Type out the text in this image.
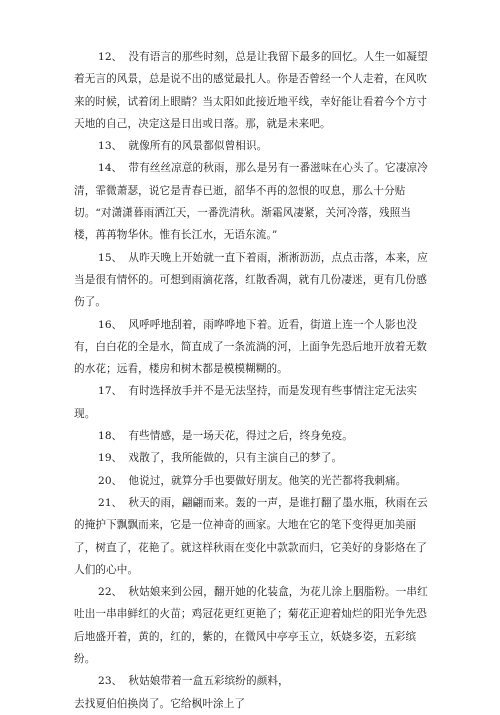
12、 没有语言的那些时刻，总是让我留下最多的回忆。人生一如凝望着无言的风景，总是说不出的感觉最扎人。你是否曾经一个人走着，在风吹来的时候，试着闭上眼睛？当太阳如此接近地平线，幸好能让看着今个方寸天地的自己，决定这是日出或日落。那，就是未来吧。

13、 就像所有的风景都似曾相识。

14、 带有丝丝凉意的秋雨，那么是另有一番滋味在心头了。它凄凉冷清，霏微萧瑟，说它是青春已逝，韶华不再的忽恨的叹息，那么十分贴切。“对潇潇暮雨洒江天，一番洗清秋。渐霜风凄紧，关河冷落，残照当楼，苒苒物华休。惟有长江水，无语东流。”

15、 从昨天晚上开始就一直下着雨，淅淅沥沥，点点击落，本来，应当是很有情怀的。可想到雨滴花落，红散香凋，就有几份凄迷，更有几份感伤了。

16、 风呼呼地刮着，雨哗哗地下着。近看，街道上连一个人影也没有，白白花的全是水，简直成了一条流淌的河，上面争先恐后地开放着无数的水花；远看，楼房和树木都是模模糊糊的。

17、 有时选择放手并不是无法坚持，而是发现有些事情注定无法实现。

18、 有些情感，是一场天花，得过之后，终身免疫。

19、 戏散了，我所能做的，只有主演自己的梦了。

20、 他说过，就算分手也要做好朋友。他笑的光芒都将我刺痛。

21、 秋天的雨，翩翩而来。轰的一声，是谁打翻了墨水瓶，秋雨在云的掩护下飘飘而来，它是一位神奇的画家。大地在它的笔下变得更加美丽了，树直了，花艳了。就这样秋雨在变化中款款而归，它美好的身影烙在了人们的心中。

22、 秋姑娘来到公园，翻开她的化装盒，为花儿涂上胭脂粉。一串红吐出一串串鲜红的火苗；鸡冠花更红更艳了；菊花正迎着灿烂的阳光争先恐后地盛开着，黄的，红的，紫的，在微风中亭亭玉立，妖娆多姿，五彩缤纷。

23、 秋姑娘带着一盒五彩缤纷的颜料，

去找夏伯伯换岗了。它给枫叶涂上了
